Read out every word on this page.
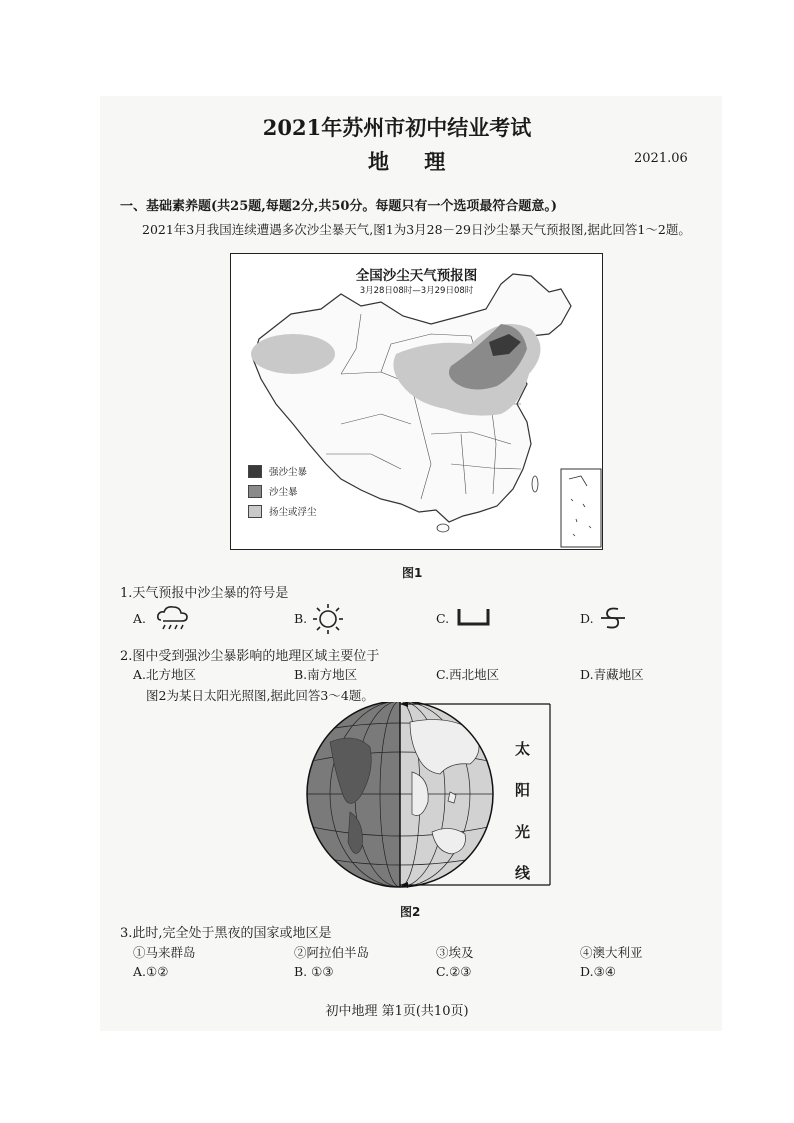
2021年苏州市初中结业考试
地 理	2021.06
一、基础素养题(共25题,每题2分,共50分。每题只有一个选项最符合题意。)
2021年3月我国连续遭遇多次沙尘暴天气,图1为3月28－29日沙尘暴天气预报图,据此回答1～2题。
全国沙尘天气预报图
3月28日08时—3月29日08时
强沙尘暴
沙尘暴
扬尘或浮尘
图1
1.天气预报中沙尘暴的符号是
A.	B.	C.	D.
2.图中受到强沙尘暴影响的地理区域主要位于
A.北方地区	B.南方地区	C.西北地区	D.青藏地区
图2为某日太阳光照图,据此回答3～4题。
太
阳
光
线
图2
3.此时,完全处于黑夜的国家或地区是
①马来群岛	②阿拉伯半岛	③埃及	④澳大利亚
A.①②	B. ①③	C.②③	D.③④
初中地理 第1页(共10页)
